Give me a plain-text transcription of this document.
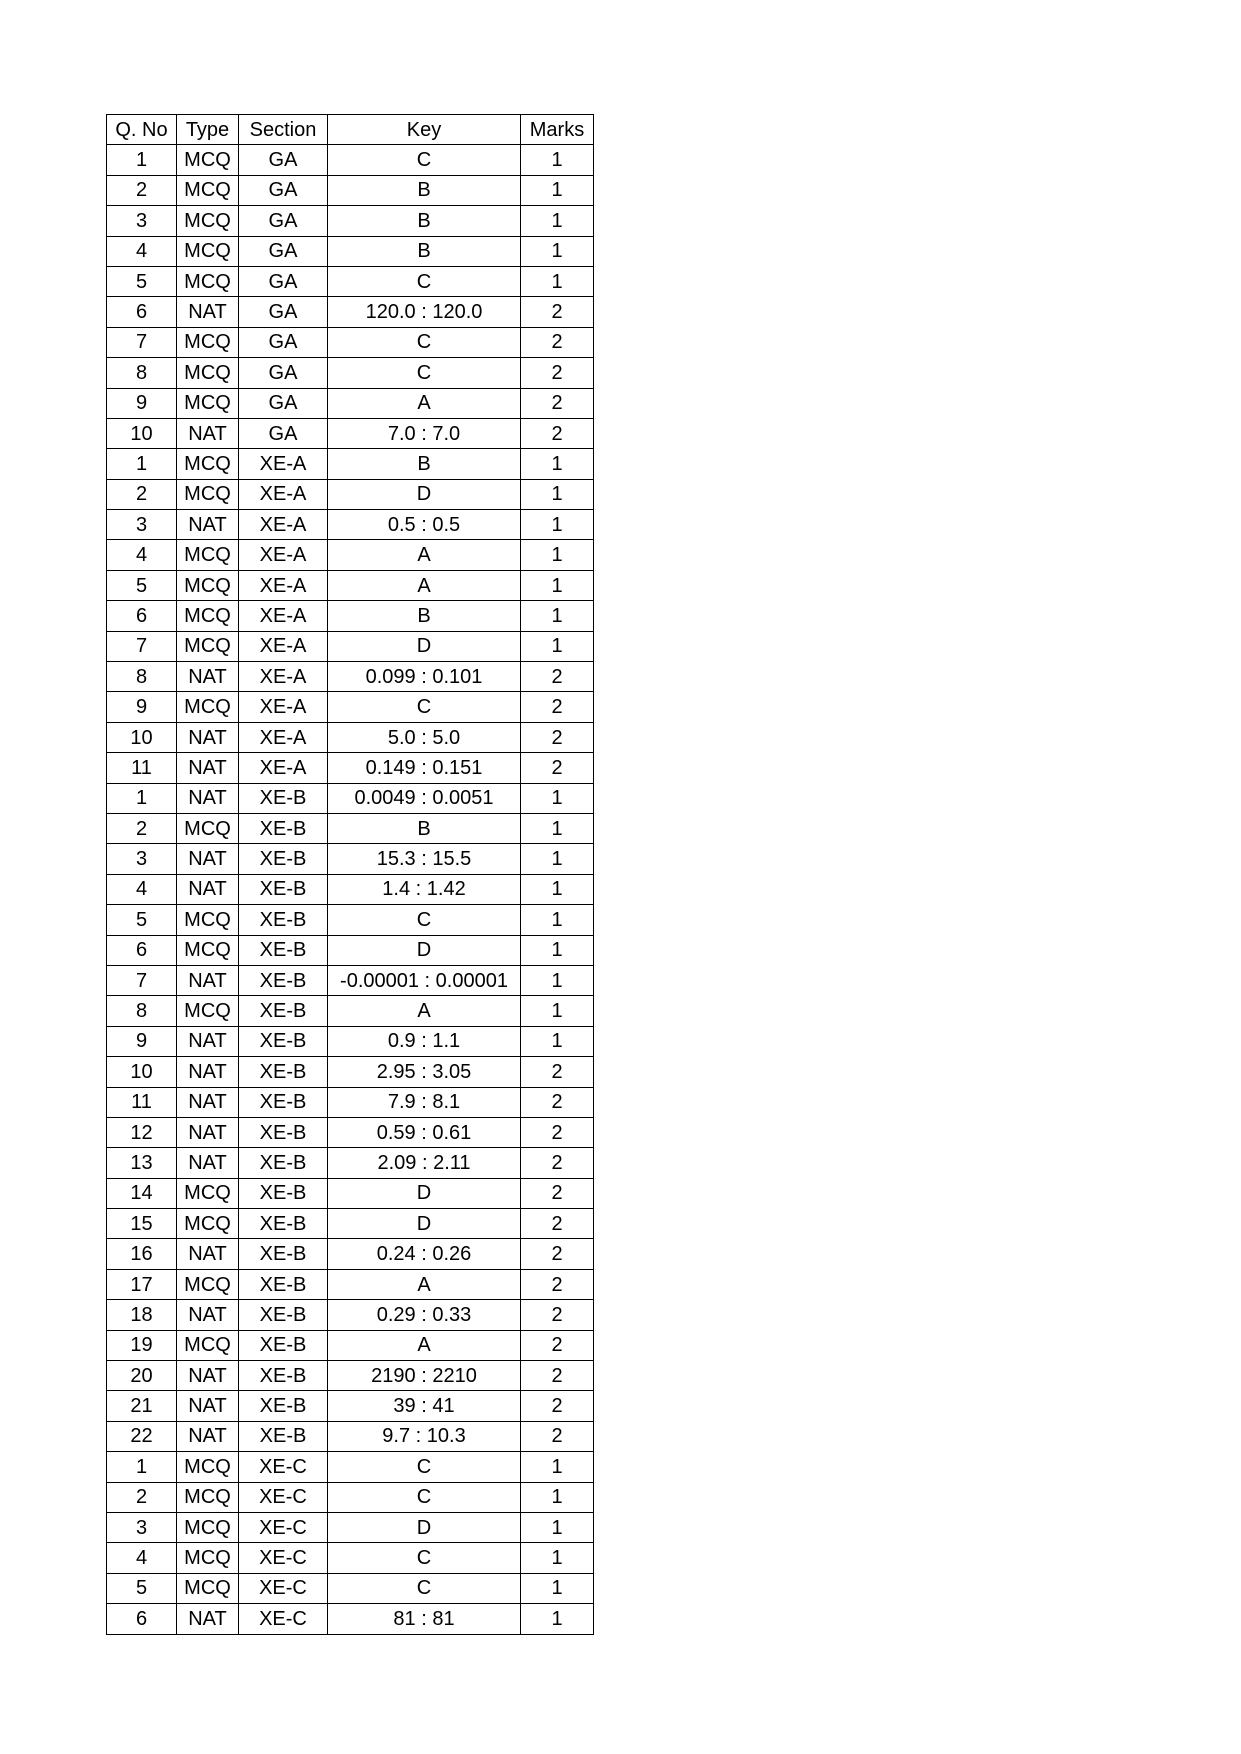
Q. No	Type	Section	Key	Marks
1	MCQ	GA	C	1
2	MCQ	GA	B	1
3	MCQ	GA	B	1
4	MCQ	GA	B	1
5	MCQ	GA	C	1
6	NAT	GA	120.0 : 120.0	2
7	MCQ	GA	C	2
8	MCQ	GA	C	2
9	MCQ	GA	A	2
10	NAT	GA	7.0 : 7.0	2
1	MCQ	XE-A	B	1
2	MCQ	XE-A	D	1
3	NAT	XE-A	0.5 : 0.5	1
4	MCQ	XE-A	A	1
5	MCQ	XE-A	A	1
6	MCQ	XE-A	B	1
7	MCQ	XE-A	D	1
8	NAT	XE-A	0.099 : 0.101	2
9	MCQ	XE-A	C	2
10	NAT	XE-A	5.0 : 5.0	2
11	NAT	XE-A	0.149 : 0.151	2
1	NAT	XE-B	0.0049 : 0.0051	1
2	MCQ	XE-B	B	1
3	NAT	XE-B	15.3 : 15.5	1
4	NAT	XE-B	1.4 : 1.42	1
5	MCQ	XE-B	C	1
6	MCQ	XE-B	D	1
7	NAT	XE-B	-0.00001 : 0.00001	1
8	MCQ	XE-B	A	1
9	NAT	XE-B	0.9 : 1.1	1
10	NAT	XE-B	2.95 : 3.05	2
11	NAT	XE-B	7.9 : 8.1	2
12	NAT	XE-B	0.59 : 0.61	2
13	NAT	XE-B	2.09 : 2.11	2
14	MCQ	XE-B	D	2
15	MCQ	XE-B	D	2
16	NAT	XE-B	0.24 : 0.26	2
17	MCQ	XE-B	A	2
18	NAT	XE-B	0.29 : 0.33	2
19	MCQ	XE-B	A	2
20	NAT	XE-B	2190 : 2210	2
21	NAT	XE-B	39 : 41	2
22	NAT	XE-B	9.7 : 10.3	2
1	MCQ	XE-C	C	1
2	MCQ	XE-C	C	1
3	MCQ	XE-C	D	1
4	MCQ	XE-C	C	1
5	MCQ	XE-C	C	1
6	NAT	XE-C	81 : 81	1
